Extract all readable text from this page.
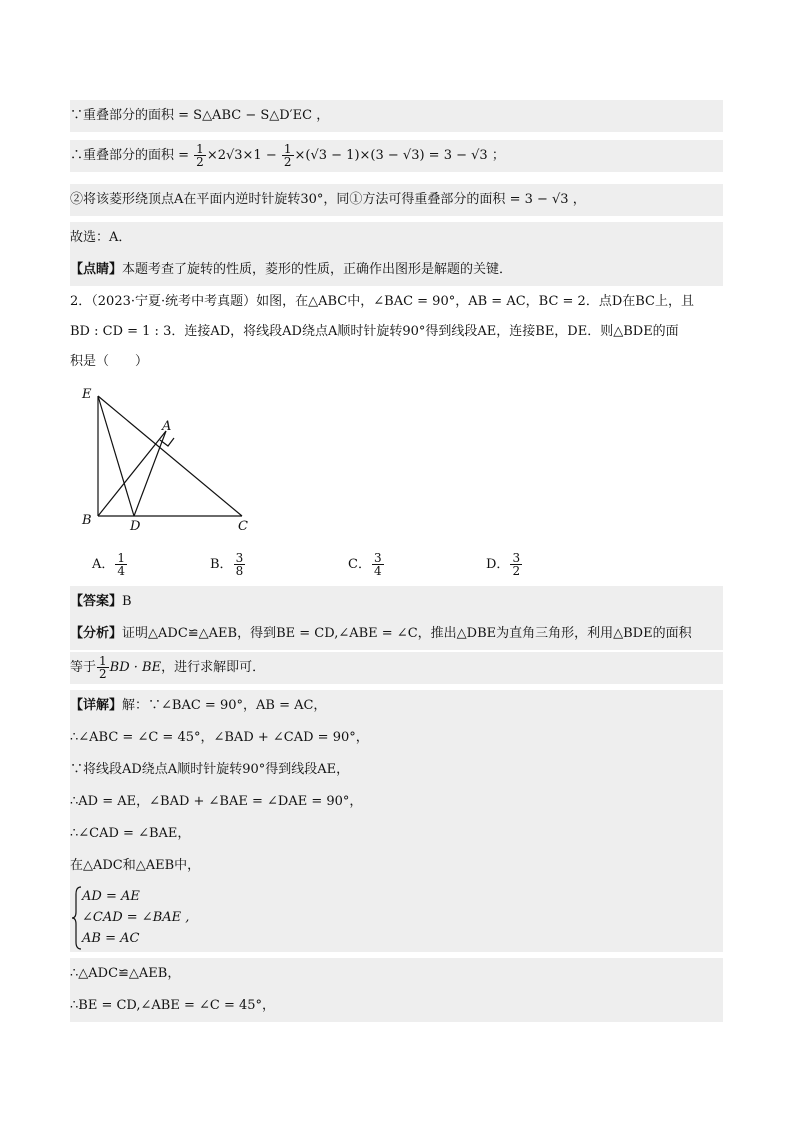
∵重叠部分的面积 = S△ABC − S△D′EC ，
∴重叠部分的面积 = $\frac{1}{2} \times 2√3\times 1 - \frac{1}{2} \times(√3 - 1)\times(3 - √3) = 3 - √3$ ；
②将该菱形绕顶点A在平面内逆时针旋转30°，同①方法可得重叠部分的面积 = 3 − √3 ，
故选：A．
【点睛】本题考查了旋转的性质，菱形的性质，正确作出图形是解题的关键．
2．（2023·宁夏·统考中考真题）如图，在△ABC中，∠BAC = 90°，AB = AC，BC = 2．点D在BC上，且
BD : CD = 1 : 3．连接AD，将线段AD绕点A顺时针旋转90°得到线段AE，连接BE，DE．则△BDE的面
积是（　　）
E
A
B	D	C
A． $\frac{1}{4}$	B． $\frac{3}{8}$	C． $\frac{3}{4}$	D． $\frac{3}{2}$
【答案】B
【分析】证明△ADC≌△AEB，得到BE = CD,∠ABE = ∠C，推出△DBE为直角三角形，利用△BDE的面积
等于 $\frac{1}{2}$ BD · BE，进行求解即可．
【详解】解：∵∠BAC = 90°，AB = AC，
∴∠ABC = ∠C = 45°，∠BAD + ∠CAD = 90°，
∵将线段AD绕点A顺时针旋转90°得到线段AE，
∴AD = AE，∠BAD + ∠BAE = ∠DAE = 90°，
∴∠CAD = ∠BAE，
在△ADC和△AEB中，
AD = AE
∠CAD = ∠BAE ,
AB = AC
∴△ADC≌△AEB，
∴BE = CD,∠ABE = ∠C = 45°，
